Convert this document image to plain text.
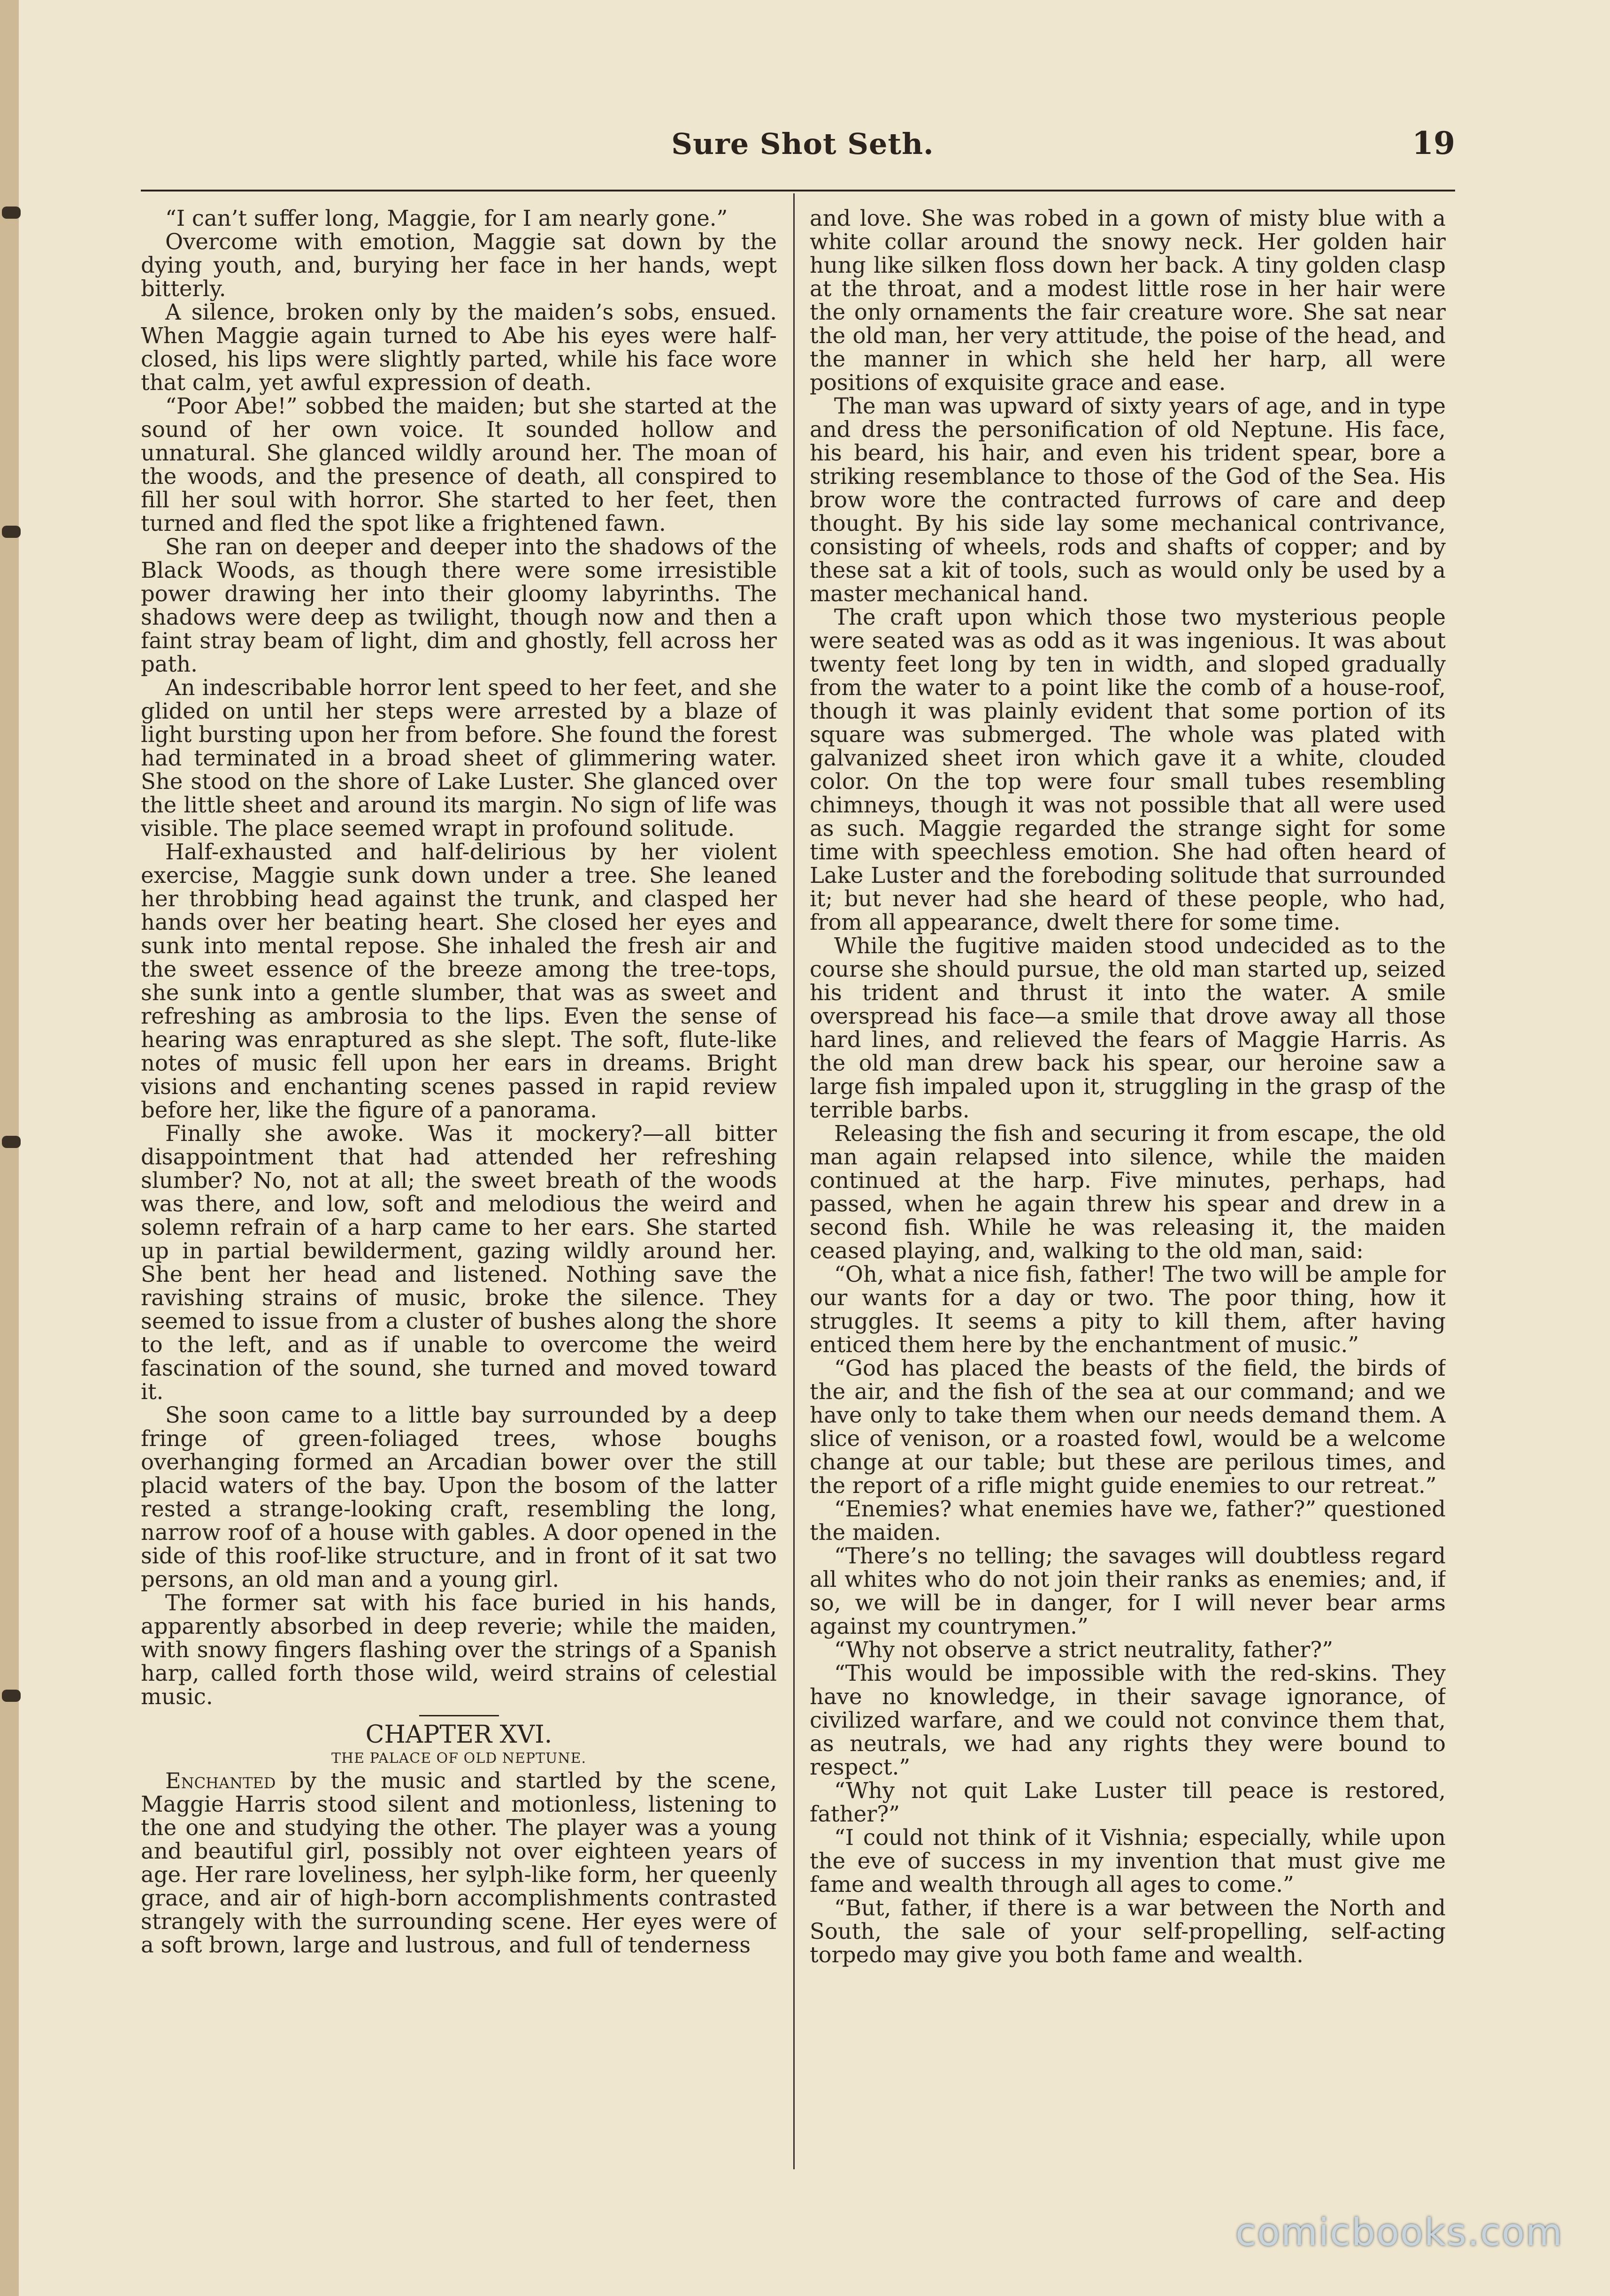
Sure Shot Seth.	19

“I can’t suffer long, Maggie, for I am nearly gone.”

Overcome with emotion, Maggie sat down by the dying youth, and, burying her face in her hands, wept bitterly.

A silence, broken only by the maiden’s sobs, ensued. When Maggie again turned to Abe his eyes were half-closed, his lips were slightly parted, while his face wore that calm, yet awful expression of death.

“Poor Abe!” sobbed the maiden; but she started at the sound of her own voice. It sounded hollow and unnatural. She glanced wildly around her. The moan of the woods, and the presence of death, all conspired to fill her soul with horror. She started to her feet, then turned and fled the spot like a frightened fawn.

She ran on deeper and deeper into the shadows of the Black Woods, as though there were some irresistible power drawing her into their gloomy labyrinths. The shadows were deep as twilight, though now and then a faint stray beam of light, dim and ghostly, fell across her path.

An indescribable horror lent speed to her feet, and she glided on until her steps were arrested by a blaze of light bursting upon her from before. She found the forest had terminated in a broad sheet of glimmering water. She stood on the shore of Lake Luster. She glanced over the little sheet and around its margin. No sign of life was visible. The place seemed wrapt in profound solitude.

Half-exhausted and half-delirious by her violent exercise, Maggie sunk down under a tree. She leaned her throbbing head against the trunk, and clasped her hands over her beating heart. She closed her eyes and sunk into mental repose. She inhaled the fresh air and the sweet essence of the breeze among the tree-tops, she sunk into a gentle slumber, that was as sweet and refreshing as ambrosia to the lips. Even the sense of hearing was enraptured as she slept. The soft, flute-like notes of music fell upon her ears in dreams. Bright visions and enchanting scenes passed in rapid review before her, like the figure of a panorama.

Finally she awoke. Was it mockery?—all bitter disappointment that had attended her refreshing slumber? No, not at all; the sweet breath of the woods was there, and low, soft and melodious the weird and solemn refrain of a harp came to her ears. She started up in partial bewilderment, gazing wildly around her. She bent her head and listened. Nothing save the ravishing strains of music, broke the silence. They seemed to issue from a cluster of bushes along the shore to the left, and as if unable to overcome the weird fascination of the sound, she turned and moved toward it.

She soon came to a little bay surrounded by a deep fringe of green-foliaged trees, whose boughs overhanging formed an Arcadian bower over the still placid waters of the bay. Upon the bosom of the latter rested a strange-looking craft, resembling the long, narrow roof of a house with gables. A door opened in the side of this roof-like structure, and in front of it sat two persons, an old man and a young girl.

The former sat with his face buried in his hands, apparently absorbed in deep reverie; while the maiden, with snowy fingers flashing over the strings of a Spanish harp, called forth those wild, weird strains of celestial music.

CHAPTER XVI.
THE PALACE OF OLD NEPTUNE.

Enchanted by the music and startled by the scene, Maggie Harris stood silent and motionless, listening to the one and studying the other. The player was a young and beautiful girl, possibly not over eighteen years of age. Her rare loveliness, her sylph-like form, her queenly grace, and air of high-born accomplishments contrasted strangely with the surrounding scene. Her eyes were of a soft brown, large and lustrous, and full of tenderness

and love. She was robed in a gown of misty blue with a white collar around the snowy neck. Her golden hair hung like silken floss down her back. A tiny golden clasp at the throat, and a modest little rose in her hair were the only ornaments the fair creature wore. She sat near the old man, her very attitude, the poise of the head, and the manner in which she held her harp, all were positions of exquisite grace and ease.

The man was upward of sixty years of age, and in type and dress the personification of old Neptune. His face, his beard, his hair, and even his trident spear, bore a striking resemblance to those of the God of the Sea. His brow wore the contracted furrows of care and deep thought. By his side lay some mechanical contrivance, consisting of wheels, rods and shafts of copper; and by these sat a kit of tools, such as would only be used by a master mechanical hand.

The craft upon which those two mysterious people were seated was as odd as it was ingenious. It was about twenty feet long by ten in width, and sloped gradually from the water to a point like the comb of a house-roof, though it was plainly evident that some portion of its square was submerged. The whole was plated with galvanized sheet iron which gave it a white, clouded color. On the top were four small tubes resembling chimneys, though it was not possible that all were used as such. Maggie regarded the strange sight for some time with speechless emotion. She had often heard of Lake Luster and the foreboding solitude that surrounded it; but never had she heard of these people, who had, from all appearance, dwelt there for some time.

While the fugitive maiden stood undecided as to the course she should pursue, the old man started up, seized his trident and thrust it into the water. A smile overspread his face—a smile that drove away all those hard lines, and relieved the fears of Maggie Harris. As the old man drew back his spear, our heroine saw a large fish impaled upon it, struggling in the grasp of the terrible barbs.

Releasing the fish and securing it from escape, the old man again relapsed into silence, while the maiden continued at the harp. Five minutes, perhaps, had passed, when he again threw his spear and drew in a second fish. While he was releasing it, the maiden ceased playing, and, walking to the old man, said:

“Oh, what a nice fish, father! The two will be ample for our wants for a day or two. The poor thing, how it struggles. It seems a pity to kill them, after having enticed them here by the enchantment of music.”

“God has placed the beasts of the field, the birds of the air, and the fish of the sea at our command; and we have only to take them when our needs demand them. A slice of venison, or a roasted fowl, would be a welcome change at our table; but these are perilous times, and the report of a rifle might guide enemies to our retreat.”

“Enemies? what enemies have we, father?” questioned the maiden.

“There’s no telling; the savages will doubtless regard all whites who do not join their ranks as enemies; and, if so, we will be in danger, for I will never bear arms against my countrymen.”

“Why not observe a strict neutrality, father?”

“This would be impossible with the red-skins. They have no knowledge, in their savage ignorance, of civilized warfare, and we could not convince them that, as neutrals, we had any rights they were bound to respect.”

“Why not quit Lake Luster till peace is restored, father?”

“I could not think of it Vishnia; especially, while upon the eve of success in my invention that must give me fame and wealth through all ages to come.”

“But, father, if there is a war between the North and South, the sale of your self-propelling, self-acting torpedo may give you both fame and wealth.

comicbooks.com
